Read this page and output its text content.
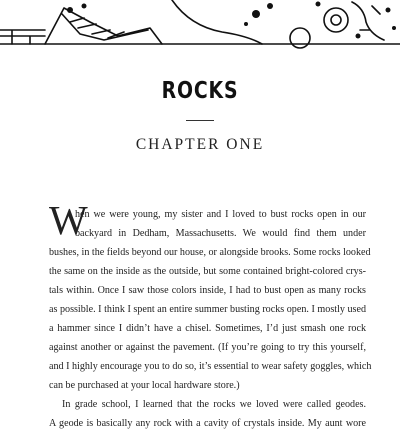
ROCKS
CHAPTER ONE
W
hen we were young, my sister and I loved to bust rocks open in our
backyard in Dedham, Massachusetts. We would find them under
bushes, in the fields beyond our house, or alongside brooks. Some rocks looked
the same on the inside as the outside, but some contained bright-colored crys-
tals within. Once I saw those colors inside, I had to bust open as many rocks
as possible. I think I spent an entire summer busting rocks open. I mostly used
a hammer since I didn’t have a chisel. Sometimes, I’d just smash one rock
against another or against the pavement. (If you’re going to try this yourself,
and I highly encourage you to do so, it’s essential to wear safety goggles, which
can be purchased at your local hardware store.)
In grade school, I learned that the rocks we loved were called geodes.
A geode is basically any rock with a cavity of crystals inside. My aunt wore
